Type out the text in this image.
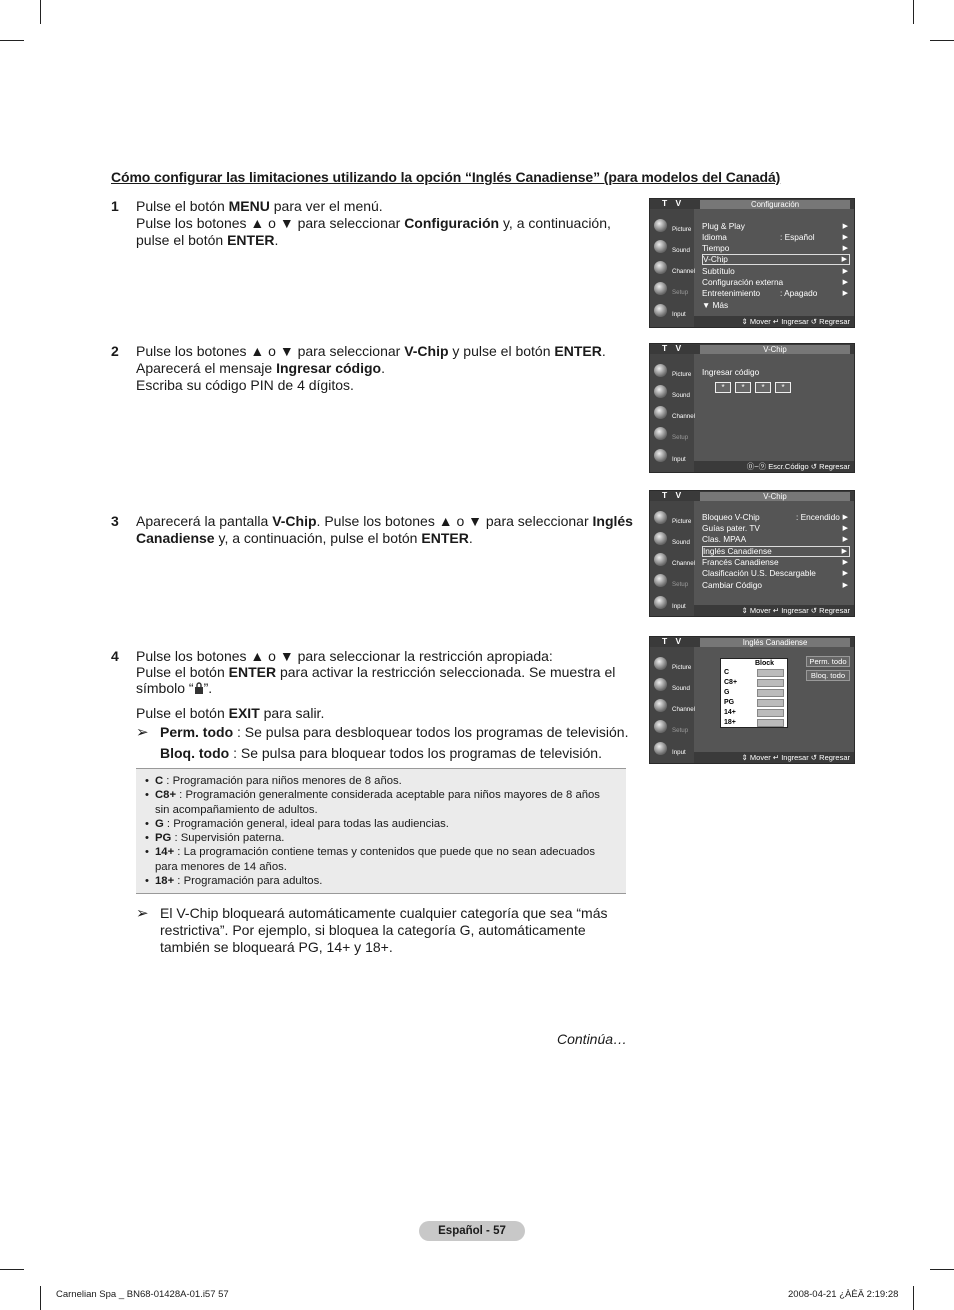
Cómo configurar las limitaciones utilizando la opción “Inglés Canadiense” (para modelos del Canadá)
1 Pulse el botón MENU para ver el menú.

Pulse los botones ▲ o ▼ para seleccionar Configuración y, a continuación,

pulse el botón ENTER.

2 Pulse los botones ▲ o ▼ para seleccionar V-Chip y pulse el botón ENTER.

Aparecerá el mensaje Ingresar código.

Escriba su código PIN de 4 dígitos.

3 Aparecerá la pantalla V-Chip. Pulse los botones ▲ o ▼ para seleccionar Inglés

Canadiense y, a continuación, pulse el botón ENTER.

4 Pulse los botones ▲ o ▼ para seleccionar la restricción apropiada:

Pulse el botón ENTER para activar la restricción seleccionada. Se muestra el

símbolo “ ”.

Pulse el botón EXIT para salir.

➢ Perm. todo : Se pulsa para desbloquear todos los programas de televisión.

Bloq. todo : Se pulsa para bloquear todos los programas de televisión.

• C : Programación para niños menores de 8 años.
• C8+ : Programación generalmente considerada aceptable para niños mayores de 8 años
sin acompañamiento de adultos.
• G : Programación general, ideal para todas las audiencias.
• PG : Supervisión paterna.
• 14+ : La programación contiene temas y contenidos que puede que no sean adecuados
para menores de 14 años.
• 18+ : Programación para adultos.
➢ El V-Chip bloqueará automáticamente cualquier categoría que sea “más

restrictiva”. Por ejemplo, si bloquea la categoría G, automáticamente

también se bloqueará PG, 14+ y 18+.

Continúa…
Español - 57
Carnelian Spa _ BN68-01428A-01.i57 57	2008-04-21 ¿ÀÈÄ 2:19:28
T V	Configuración
Picture
Sound
Channel
Setup
Input
Plug & Play	▶
Idioma	: Español	▶
Tiempo	▶
V-Chip	▶
Subtítulo	▶
Configuración externa	▶
Entretenimiento : Apagado	▶
▼ Más
⇕ Mover ↵ Ingresar ↺ Regresar
T V	V-Chip
Picture
Sound
Channel
Setup
Input
Ingresar código
*	*	*	*
⓪~⑨ Escr.Código ↺ Regresar
T V	V-Chip
Picture
Sound
Channel
Setup
Input
Bloqueo V-Chip	: Encendido ▶
Guías pater. TV	▶
Clas. MPAA	▶
Inglés Canadiense	▶
Francés Canadiense	▶
Clasificación U.S. Descargable	▶
Cambiar Código	▶
⇕ Mover ↵ Ingresar ↺ Regresar
T V	Inglés Canadiense
Picture
Sound
Channel
Setup
Input
Block
C
C8+
G
PG
14+
18+
Perm. todo
Bloq. todo
⇕ Mover ↵ Ingresar ↺ Regresar
